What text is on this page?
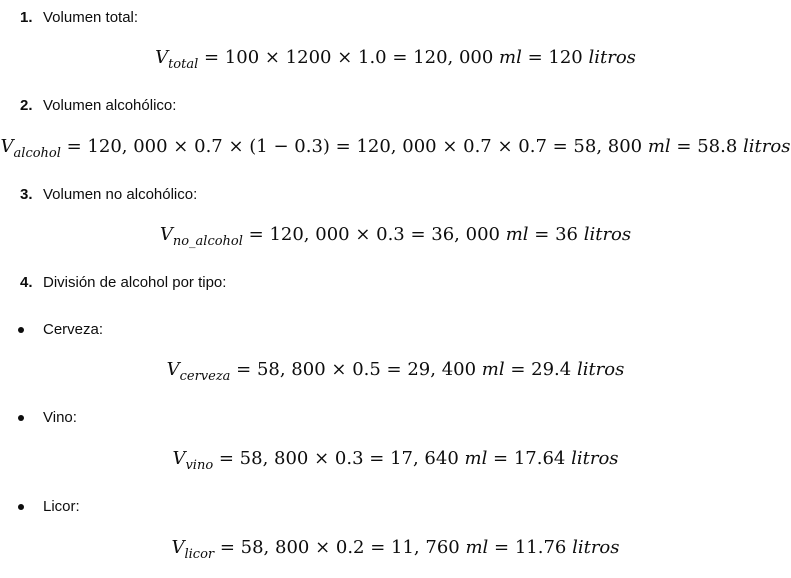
1. Volumen total:
$V_{total} = 100 \times 1200 \times 1.0 = 120$, 000 ml = 120 litros
2. Volumen alcohólico:
$V_{alcohol} = 120$, 000 × 0.7 × (1 − 0.3) = 120, 000 × 0.7 × 0.7 = 58, 800 ml = 58.8 litros
3. Volumen no alcohólico:
$V_{no\_alcohol} = 120$, 000 × 0.3 = 36, 000 ml = 36 litros
4. División de alcohol por tipo:
Cerveza:
$V_{cerveza} = 58$, 800 × 0.5 = 29, 400 ml = 29.4 litros
Vino:
$V_{vino} = 58$, 800 × 0.3 = 17, 640 ml = 17.64 litros
Licor:
$V_{licor} = 58$, 800 × 0.2 = 11, 760 ml = 11.76 litros
